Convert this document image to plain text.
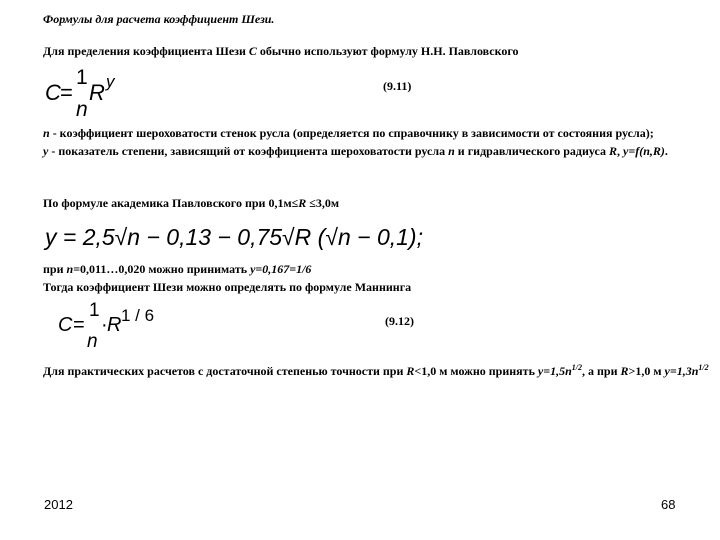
Формулы для расчета коэффициент Шези.
Для пределения коэффициента Шези C обычно используют формулу Н.Н. Павловского
C =
1
n
R y	(9.11)
n - коэффициент шероховатости стенок русла (определяется по справочнику в зависимости от состояния русла);
y - показатель степени, зависящий от коэффициента шероховатости русла n и гидравлического радиуса R, y=f(n,R).
По формуле академика Павловского при 0,1м≤R ≤3,0м
y = 2,5√n − 0,13 − 0,75√R (√n − 0,1);
при n=0,011…0,020 можно принимать y=0,167=1/6
Тогда коэффициент Шези можно определять по формуле Маннинга
C =
1
n
· R 1 / 6	(9.12)
Для практических расчетов с достаточной степенью точности при R<1,0 м можно принять $y=1,5n^{1/2}$, а при R>1,0 м $y=1,3n^{1/2}$
2012	68
